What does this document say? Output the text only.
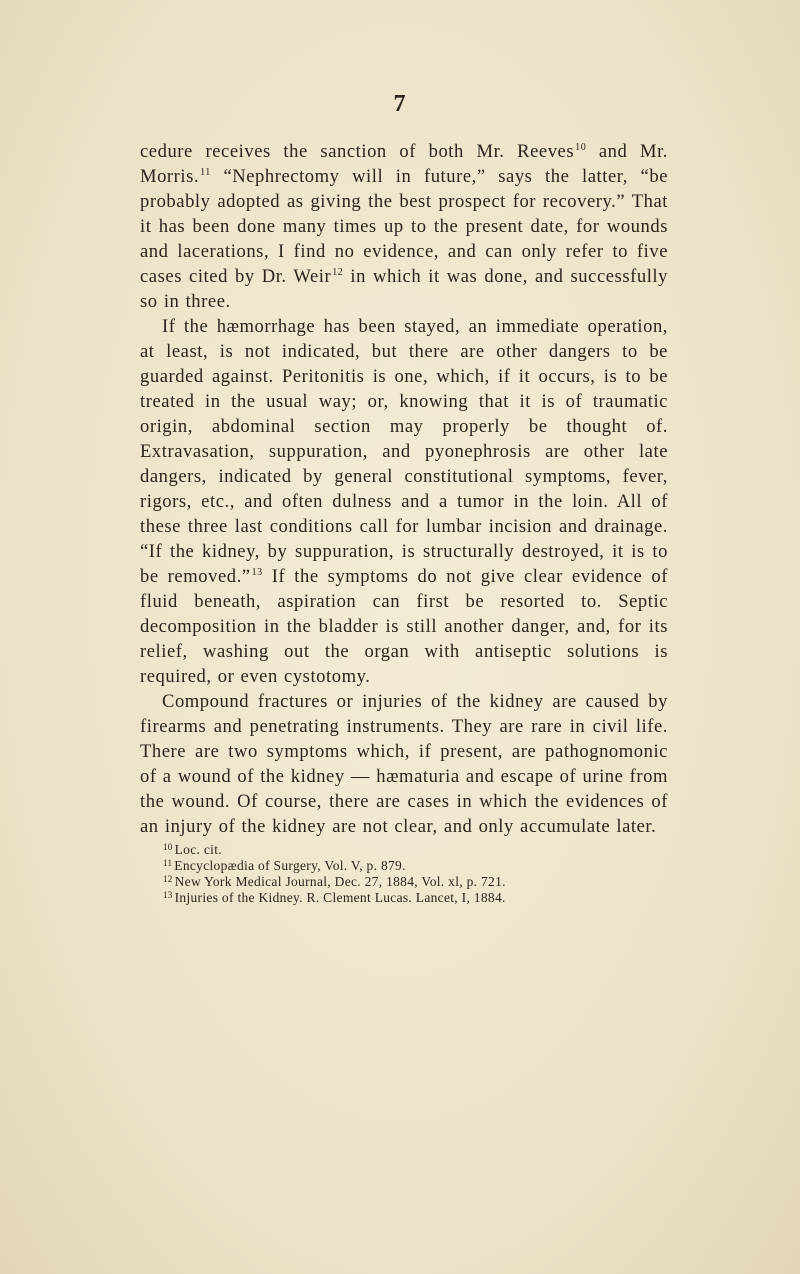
7

cedure receives the sanction of both Mr. Reeves$^{10}$ and Mr. Morris.$^{11}$ “Nephrectomy will in future,” says the latter, “be probably adopted as giving the best prospect for recovery.” That it has been done many times up to the present date, for wounds and lacerations, I find no evidence, and can only refer to five cases cited by Dr. Weir$^{12}$ in which it was done, and successfully so in three.

If the hæmorrhage has been stayed, an immediate operation, at least, is not indicated, but there are other dangers to be guarded against. Peritonitis is one, which, if it occurs, is to be treated in the usual way; or, knowing that it is of traumatic origin, abdominal section may properly be thought of. Extravasation, suppuration, and pyonephrosis are other late dangers, indicated by general constitutional symptoms, fever, rigors, etc., and often dulness and a tumor in the loin. All of these three last conditions call for lumbar incision and drainage. “If the kidney, by suppuration, is structurally destroyed, it is to be removed.”$^{13}$ If the symptoms do not give clear evidence of fluid beneath, aspiration can first be resorted to. Septic decomposition in the bladder is still another danger, and, for its relief, washing out the organ with antiseptic solutions is required, or even cystotomy.

Compound fractures or injuries of the kidney are caused by firearms and penetrating instruments. They are rare in civil life. There are two symptoms which, if present, are pathognomonic of a wound of the kidney — hæmaturia and escape of urine from the wound. Of course, there are cases in which the evidences of an injury of the kidney are not clear, and only accumulate later.

$^{10}$ Loc. cit.

$^{11}$ Encyclopædia of Surgery, Vol. V, p. 879.

$^{12}$ New York Medical Journal, Dec. 27, 1884, Vol. xl, p. 721.

$^{13}$ Injuries of the Kidney. R. Clement Lucas. Lancet, I, 1884.
